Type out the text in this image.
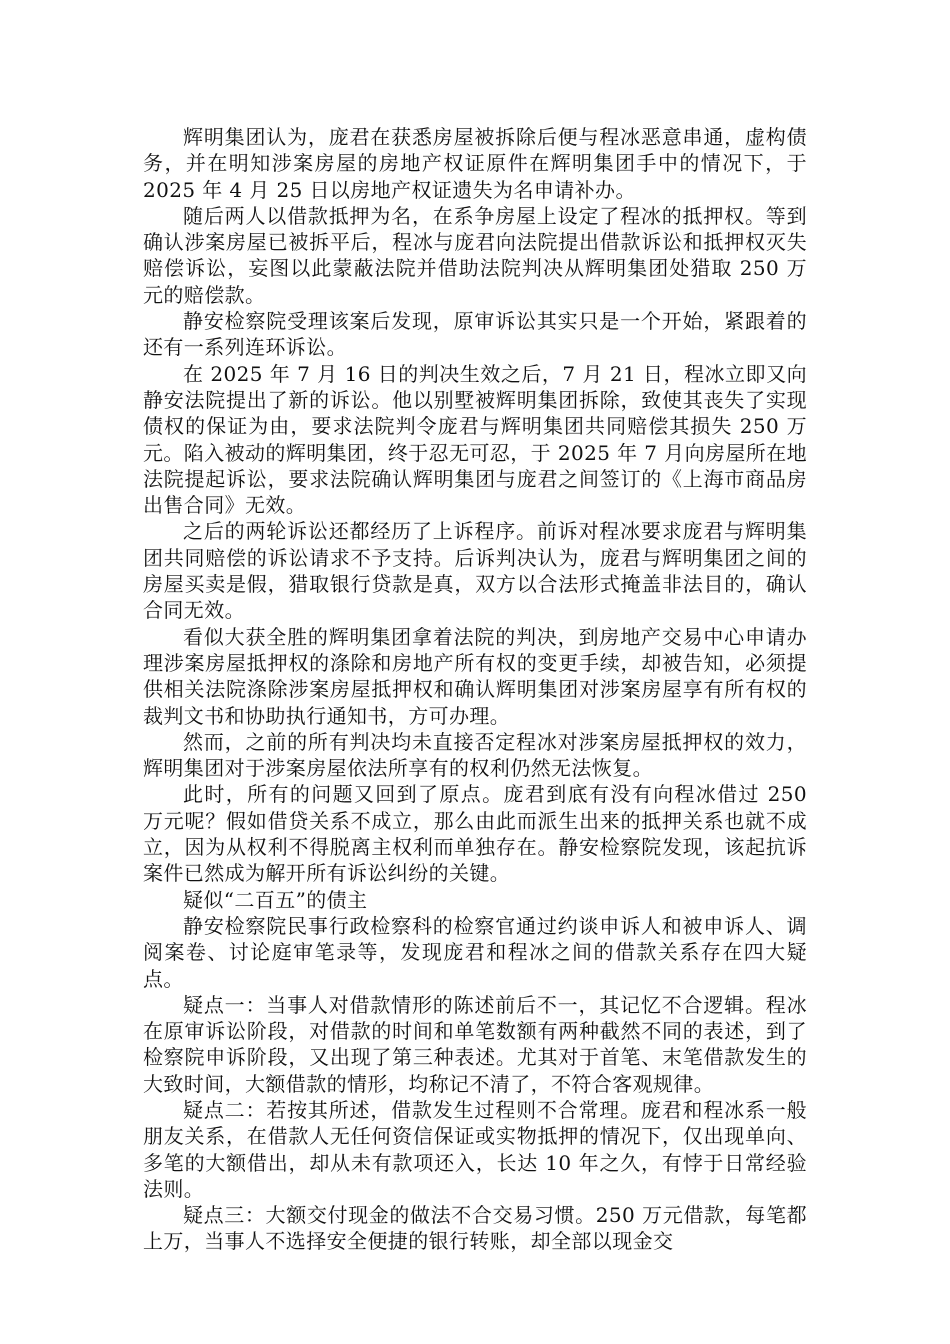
辉明集团认为，庞君在获悉房屋被拆除后便与程冰恶意串通，虚构债务，并在明知涉案房屋的房地产权证原件在辉明集团手中的情况下，于 2025 年 4 月 25 日以房地产权证遗失为名申请补办。

随后两人以借款抵押为名，在系争房屋上设定了程冰的抵押权。等到确认涉案房屋已被拆平后，程冰与庞君向法院提出借款诉讼和抵押权灭失赔偿诉讼，妄图以此蒙蔽法院并借助法院判决从辉明集团处猎取 250 万元的赔偿款。

静安检察院受理该案后发现，原审诉讼其实只是一个开始，紧跟着的还有一系列连环诉讼。

在 2025 年 7 月 16 日的判决生效之后，7 月 21 日，程冰立即又向静安法院提出了新的诉讼。他以别墅被辉明集团拆除，致使其丧失了实现债权的保证为由，要求法院判令庞君与辉明集团共同赔偿其损失 250 万元。陷入被动的辉明集团，终于忍无可忍，于 2025 年 7 月向房屋所在地法院提起诉讼，要求法院确认辉明集团与庞君之间签订的《上海市商品房出售合同》无效。

之后的两轮诉讼还都经历了上诉程序。前诉对程冰要求庞君与辉明集团共同赔偿的诉讼请求不予支持。后诉判决认为，庞君与辉明集团之间的房屋买卖是假，猎取银行贷款是真，双方以合法形式掩盖非法目的，确认合同无效。

看似大获全胜的辉明集团拿着法院的判决，到房地产交易中心申请办理涉案房屋抵押权的涤除和房地产所有权的变更手续，却被告知，必须提供相关法院涤除涉案房屋抵押权和确认辉明集团对涉案房屋享有所有权的裁判文书和协助执行通知书，方可办理。

然而，之前的所有判决均未直接否定程冰对涉案房屋抵押权的效力，辉明集团对于涉案房屋依法所享有的权利仍然无法恢复。

此时，所有的问题又回到了原点。庞君到底有没有向程冰借过 250 万元呢？假如借贷关系不成立，那么由此而派生出来的抵押关系也就不成立，因为从权利不得脱离主权利而单独存在。静安检察院发现，该起抗诉案件已然成为解开所有诉讼纠纷的关键。

疑似“二百五”的债主

静安检察院民事行政检察科的检察官通过约谈申诉人和被申诉人、调阅案卷、讨论庭审笔录等，发现庞君和程冰之间的借款关系存在四大疑点。

疑点一：当事人对借款情形的陈述前后不一，其记忆不合逻辑。程冰在原审诉讼阶段，对借款的时间和单笔数额有两种截然不同的表述，到了检察院申诉阶段，又出现了第三种表述。尤其对于首笔、末笔借款发生的大致时间，大额借款的情形，均称记不清了，不符合客观规律。

疑点二：若按其所述，借款发生过程则不合常理。庞君和程冰系一般朋友关系，在借款人无任何资信保证或实物抵押的情况下，仅出现单向、多笔的大额借出，却从未有款项还入，长达 10 年之久，有悖于日常经验法则。

疑点三：大额交付现金的做法不合交易习惯。250 万元借款，每笔都上万，当事人不选择安全便捷的银行转账，却全部以现金交
